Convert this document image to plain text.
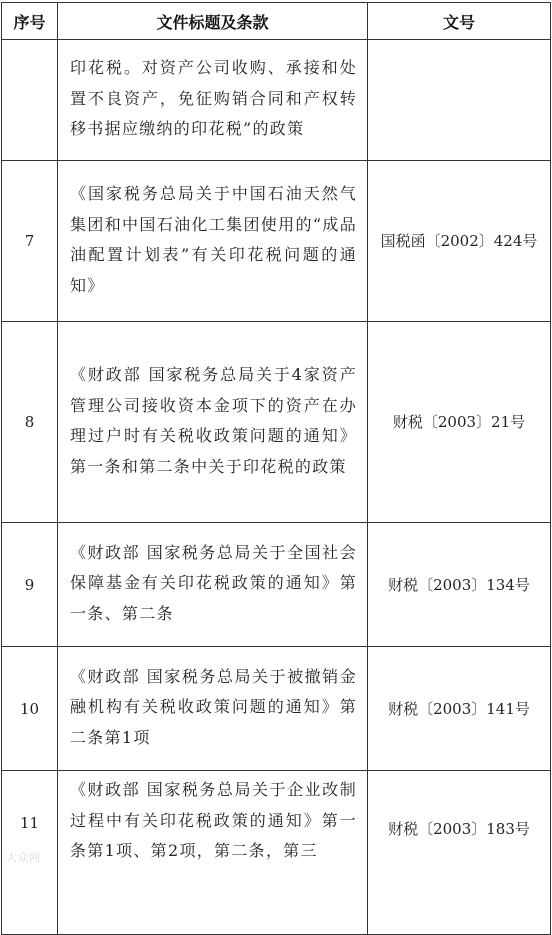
序号	文件标题及条款	文号
	印花税。对资产公司收购、承接和处置不良资产，免征购销合同和产权转移书据应缴纳的印花税”的政策	
7	《国家税务总局关于中国石油天然气集团和中国石油化工集团使用的“成品油配置计划表”有关印花税问题的通知》	国税函〔2002〕424号
8	《财政部 国家税务总局关于4家资产管理公司接收资本金项下的资产在办理过户时有关税收政策问题的通知》第一条和第二条中关于印花税的政策	财税〔2003〕21号
9	《财政部 国家税务总局关于全国社会保障基金有关印花税政策的通知》第一条、第二条	财税〔2003〕134号
10	《财政部 国家税务总局关于被撤销金融机构有关税收政策问题的通知》第二条第1项	财税〔2003〕141号
11	《财政部 国家税务总局关于企业改制过程中有关印花税政策的通知》第一条第1项、第2项，第二条，第三	财税〔2003〕183号
大众网
